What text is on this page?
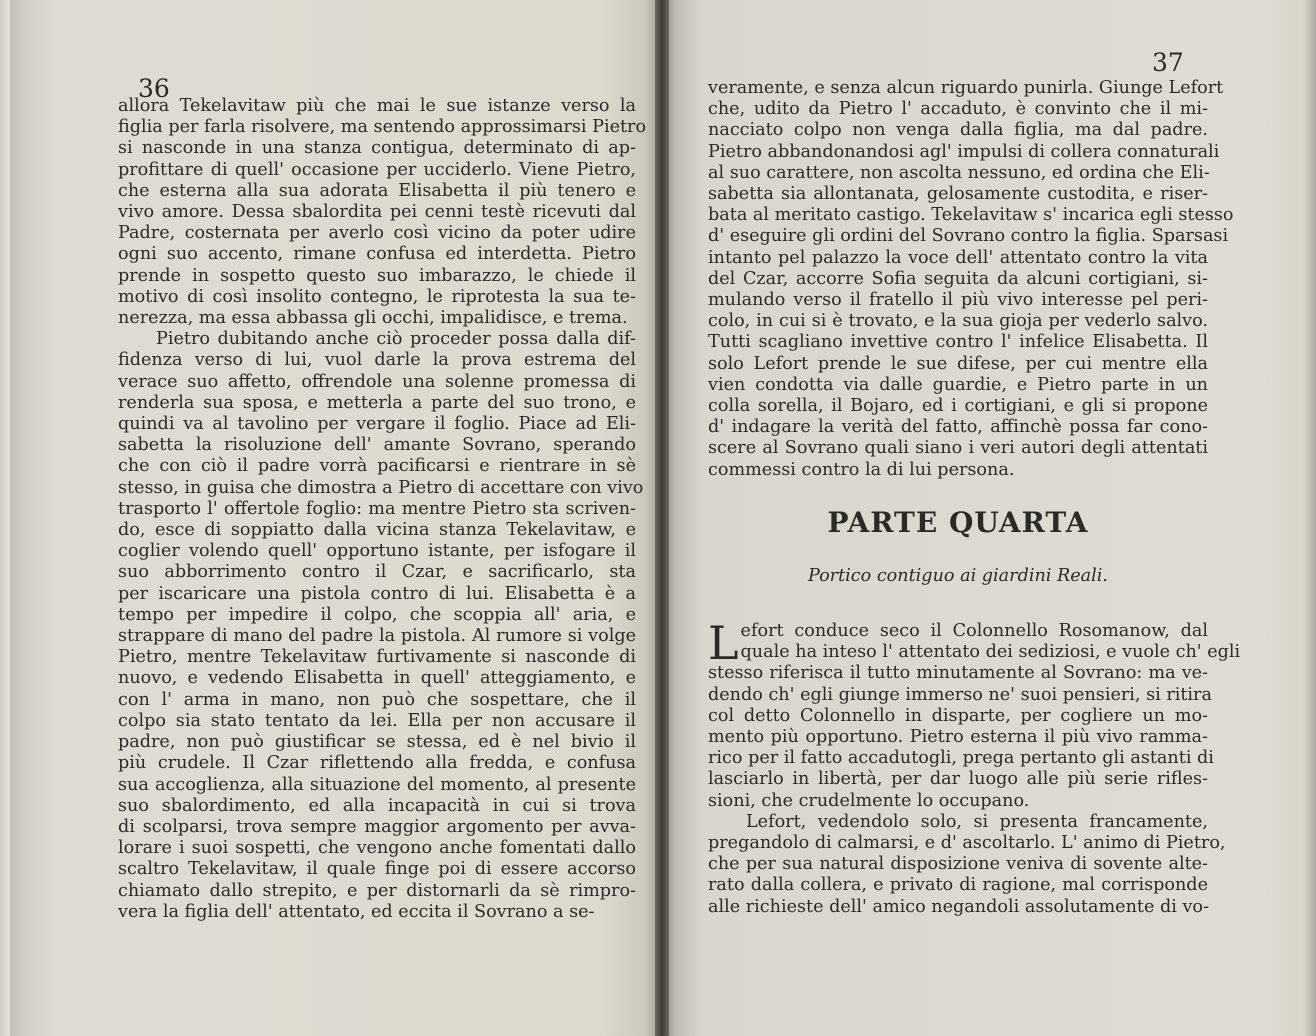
36
allora Tekelavitaw più che mai le sue istanze verso la
figlia per farla risolvere, ma sentendo approssimarsi Pietro
si nasconde in una stanza contigua, determinato di ap-
profittare di quell' occasione per ucciderlo. Viene Pietro,
che esterna alla sua adorata Elisabetta il più tenero e
vivo amore. Dessa sbalordita pei cenni testè ricevuti dal
Padre, costernata per averlo così vicino da poter udire
ogni suo accento, rimane confusa ed interdetta. Pietro
prende in sospetto questo suo imbarazzo, le chiede il
motivo di così insolito contegno, le riprotesta la sua te-
nerezza, ma essa abbassa gli occhi, impalidisce, e trema.
Pietro dubitando anche ciò proceder possa dalla dif-
fidenza verso di lui, vuol darle la prova estrema del
verace suo affetto, offrendole una solenne promessa di
renderla sua sposa, e metterla a parte del suo trono, e
quindi va al tavolino per vergare il foglio. Piace ad Eli-
sabetta la risoluzione dell' amante Sovrano, sperando
che con ciò il padre vorrà pacificarsi e rientrare in sè
stesso, in guisa che dimostra a Pietro di accettare con vivo
trasporto l' offertole foglio: ma mentre Pietro sta scriven-
do, esce di soppiatto dalla vicina stanza Tekelavitaw, e
coglier volendo quell' opportuno istante, per isfogare il
suo abborrimento contro il Czar, e sacrificarlo, sta
per iscaricare una pistola contro di lui. Elisabetta è a
tempo per impedire il colpo, che scoppia all' aria, e
strappare di mano del padre la pistola. Al rumore si volge
Pietro, mentre Tekelavitaw furtivamente si nasconde di
nuovo, e vedendo Elisabetta in quell' atteggiamento, e
con l' arma in mano, non può che sospettare, che il
colpo sia stato tentato da lei. Ella per non accusare il
padre, non può giustificar se stessa, ed è nel bivio il
più crudele. Il Czar riflettendo alla fredda, e confusa
sua accoglienza, alla situazione del momento, al presente
suo sbalordimento, ed alla incapacità in cui si trova
di scolparsi, trova sempre maggior argomento per avva-
lorare i suoi sospetti, che vengono anche fomentati dallo
scaltro Tekelavitaw, il quale finge poi di essere accorso
chiamato dallo strepito, e per distornarli da sè rimpro-
vera la figlia dell' attentato, ed eccita il Sovrano a se-
37
veramente, e senza alcun riguardo punirla. Giunge Lefort
che, udito da Pietro l' accaduto, è convinto che il mi-
nacciato colpo non venga dalla figlia, ma dal padre.
Pietro abbandonandosi agl' impulsi di collera connaturali
al suo carattere, non ascolta nessuno, ed ordina che Eli-
sabetta sia allontanata, gelosamente custodita, e riser-
bata al meritato castigo. Tekelavitaw s' incarica egli stesso
d' eseguire gli ordini del Sovrano contro la figlia. Sparsasi
intanto pel palazzo la voce dell' attentato contro la vita
del Czar, accorre Sofia seguita da alcuni cortigiani, si-
mulando verso il fratello il più vivo interesse pel peri-
colo, in cui si è trovato, e la sua gioja per vederlo salvo.
Tutti scagliano invettive contro l' infelice Elisabetta. Il
solo Lefort prende le sue difese, per cui mentre ella
vien condotta via dalle guardie, e Pietro parte in un
colla sorella, il Bojaro, ed i cortigiani, e gli si propone
d' indagare la verità del fatto, affinchè possa far cono-
scere al Sovrano quali siano i veri autori degli attentati
commessi contro la di lui persona.
PARTE QUARTA
Portico contiguo ai giardini Reali.
L efort conduce seco il Colonnello Rosomanow, dal
quale ha inteso l' attentato dei sediziosi, e vuole ch' egli
stesso riferisca il tutto minutamente al Sovrano: ma ve-
dendo ch' egli giunge immerso ne' suoi pensieri, si ritira
col detto Colonnello in disparte, per cogliere un mo-
mento più opportuno. Pietro esterna il più vivo ramma-
rico per il fatto accadutogli, prega pertanto gli astanti di
lasciarlo in libertà, per dar luogo alle più serie rifles-
sioni, che crudelmente lo occupano.
Lefort, vedendolo solo, si presenta francamente,
pregandolo di calmarsi, e d' ascoltarlo. L' animo di Pietro,
che per sua natural disposizione veniva di sovente alte-
rato dalla collera, e privato di ragione, mal corrisponde
alle richieste dell' amico negandoli assolutamente di vo-
